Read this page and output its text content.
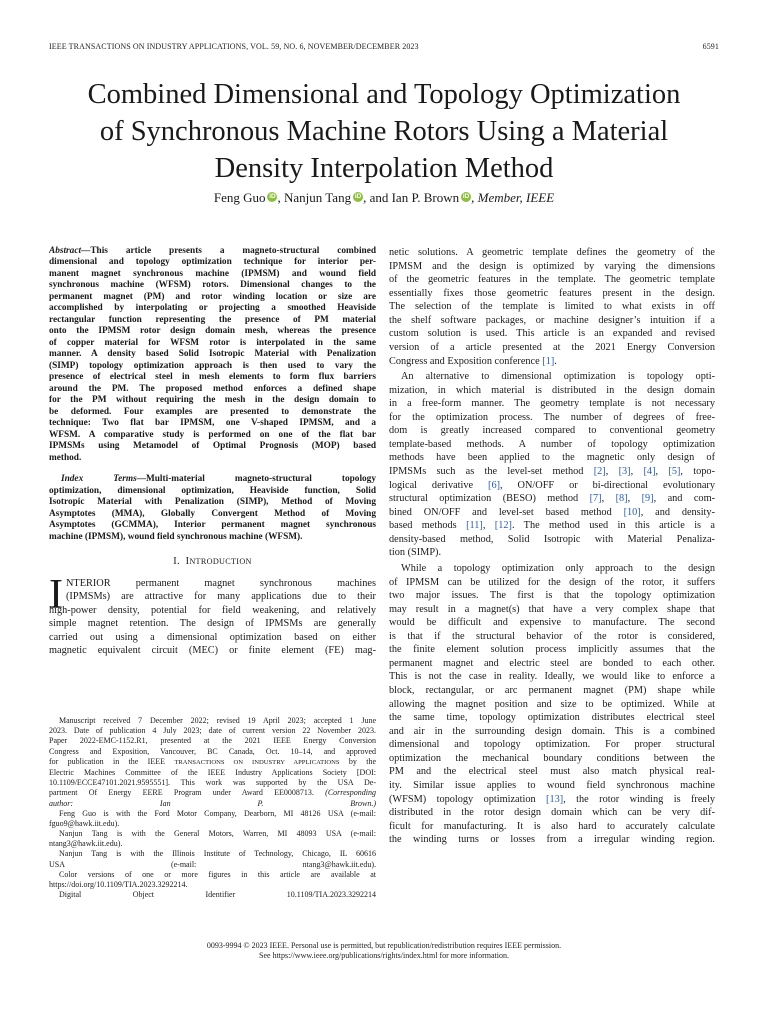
IEEE TRANSACTIONS ON INDUSTRY APPLICATIONS, VOL. 59, NO. 6, NOVEMBER/DECEMBER 2023	6591
Combined Dimensional and Topology Optimization
of Synchronous Machine Rotors Using a Material
Density Interpolation Method
Feng Guo iD , Nanjun Tang iD , and Ian P. Brown iD , Member, IEEE
Abstract—This article presents a magneto-structural combined
dimensional and topology optimization technique for interior per-
manent magnet synchronous machine (IPMSM) and wound field
synchronous machine (WFSM) rotors. Dimensional changes to the
permanent magnet (PM) and rotor winding location or size are
accomplished by interpolating or projecting a smoothed Heaviside
rectangular function representing the presence of PM material
onto the IPMSM rotor design domain mesh, whereas the presence
of copper material for WFSM rotor is interpolated in the same
manner. A density based Solid Isotropic Material with Penalization
(SIMP) topology optimization approach is then used to vary the
presence of electrical steel in mesh elements to form flux barriers
around the PM. The proposed method enforces a defined shape
for the PM without requiring the mesh in the design domain to
be deformed. Four examples are presented to demonstrate the
technique: Two flat bar IPMSM, one V-shaped IPMSM, and a
WFSM. A comparative study is performed on one of the flat bar
IPMSMs using Metamodel of Optimal Prognosis (MOP) based
method.
Index Terms—Multi-material magneto-structural topology
optimization, dimensional optimization, Heaviside function, Solid
Isotropic Material with Penalization (SIMP), Method of Moving
Asymptotes (MMA), Globally Convergent Method of Moving
Asymptotes (GCMMA), Interior permanent magnet synchronous
machine (IPMSM), wound field synchronous machine (WFSM).
I. INTRODUCTION
I NTERIOR permanent magnet synchronous machines
(IPMSMs) are attractive for many applications due to their
high-power density, potential for field weakening, and relatively
simple magnet retention. The design of IPMSMs are generally
carried out using a dimensional optimization based on either
magnetic equivalent circuit (MEC) or finite element (FE) mag-
Manuscript received 7 December 2022; revised 19 April 2023; accepted 1 June
2023. Date of publication 4 July 2023; date of current version 22 November 2023.
Paper 2022-EMC-1152.R1, presented at the 2021 IEEE Energy Conversion
Congress and Exposition, Vancouver, BC Canada, Oct. 10–14, and approved
for publication in the IEEE TRANSACTIONS ON INDUSTRY APPLICATIONS by the
Electric Machines Committee of the IEEE Industry Applications Society [DOI:
10.1109/ECCE47101.2021.9595551]. This work was supported by the USA De-
partment Of Energy EERE Program under Award EE0008713. (Corresponding
author: Ian P. Brown.)
Feng Guo is with the Ford Motor Company, Dearborn, MI 48126 USA (e-mail:
fguo9@hawk.iit.edu).
Nanjun Tang is with the General Motors, Warren, MI 48093 USA (e-mail:
ntang3@hawk.iit.edu).
Nanjun Tang is with the Illinois Institute of Technology, Chicago, IL 60616
USA (e-mail: ntang3@hawk.iit.edu).
Color versions of one or more figures in this article are available at
https://doi.org/10.1109/TIA.2023.3292214.
Digital Object Identifier 10.1109/TIA.2023.3292214
netic solutions. A geometric template defines the geometry of the
IPMSM and the design is optimized by varying the dimensions
of the geometric features in the template. The geometric template
essentially fixes those geometric features present in the design.
The selection of the template is limited to what exists in off
the shelf software packages, or machine designer’s intuition if a
custom solution is used. This article is an expanded and revised
version of a article presented at the 2021 Energy Conversion
Congress and Exposition conference [1].
An alternative to dimensional optimization is topology opti-
mization, in which material is distributed in the design domain
in a free-form manner. The geometry template is not necessary
for the optimization process. The number of degrees of free-
dom is greatly increased compared to conventional geometry
template-based methods. A number of topology optimization
methods have been applied to the magnetic only design of
IPMSMs such as the level-set method [2], [3], [4], [5], topo-
logical derivative [6], ON/OFF or bi-directional evolutionary
structural optimization (BESO) method [7], [8], [9], and com-
bined ON/OFF and level-set based method [10], and density-
based methods [11], [12]. The method used in this article is a
density-based method, Solid Isotropic with Material Penaliza-
tion (SIMP).
While a topology optimization only approach to the design
of IPMSM can be utilized for the design of the rotor, it suffers
two major issues. The first is that the topology optimization
may result in a magnet(s) that have a very complex shape that
would be difficult and expensive to manufacture. The second
is that if the structural behavior of the rotor is considered,
the finite element solution process implicitly assumes that the
permanent magnet and electric steel are bonded to each other.
This is not the case in reality. Ideally, we would like to enforce a
block, rectangular, or arc permanent magnet (PM) shape while
allowing the magnet position and size to be optimized. While at
the same time, topology optimization distributes electrical steel
and air in the surrounding design domain. This is a combined
dimensional and topology optimization. For proper structural
optimization the mechanical boundary conditions between the
PM and the electrical steel must also match physical real-
ity. Similar issue applies to wound field synchronous machine
(WFSM) topology optimization [13], the rotor winding is freely
distributed in the rotor design domain which can be very dif-
ficult for manufacturing. It is also hard to accurately calculate
the winding turns or losses from a irregular winding region.
0093-9994 © 2023 IEEE. Personal use is permitted, but republication/redistribution requires IEEE permission.
See https://www.ieee.org/publications/rights/index.html for more information.
